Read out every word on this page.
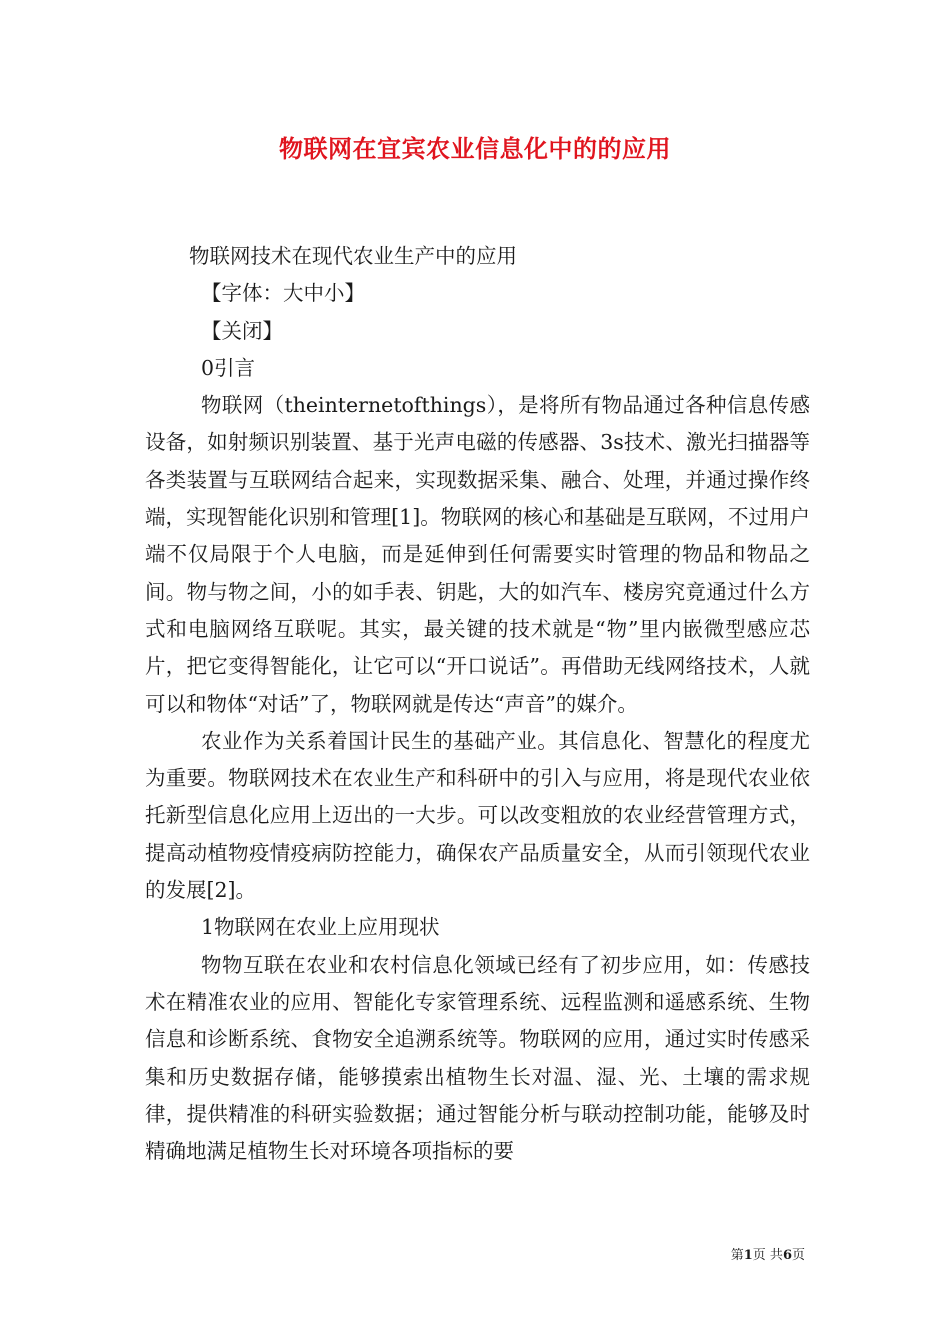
物联网在宜宾农业信息化中的的应用

物联网技术在现代农业生产中的应用

【字体：大中小】

【关闭】

0引言

物联网（theinternetofthings），是将所有物品通过各种信息传感设备，如射频识别装置、基于光声电磁的传感器、3s技术、激光扫描器等各类装置与互联网结合起来，实现数据采集、融合、处理，并通过操作终端，实现智能化识别和管理[1]。物联网的核心和基础是互联网，不过用户端不仅局限于个人电脑，而是延伸到任何需要实时管理的物品和物品之间。物与物之间，小的如手表、钥匙，大的如汽车、楼房究竟通过什么方式和电脑网络互联呢。其实，最关键的技术就是“物”里内嵌微型感应芯片，把它变得智能化，让它可以“开口说话”。再借助无线网络技术，人就可以和物体“对话”了，物联网就是传达“声音”的媒介。

农业作为关系着国计民生的基础产业。其信息化、智慧化的程度尤为重要。物联网技术在农业生产和科研中的引入与应用，将是现代农业依托新型信息化应用上迈出的一大步。可以改变粗放的农业经营管理方式，提高动植物疫情疫病防控能力，确保农产品质量安全，从而引领现代农业的发展[2]。

1物联网在农业上应用现状

物物互联在农业和农村信息化领域已经有了初步应用，如：传感技术在精准农业的应用、智能化专家管理系统、远程监测和遥感系统、生物信息和诊断系统、食物安全追溯系统等。物联网的应用，通过实时传感采集和历史数据存储，能够摸索出植物生长对温、湿、光、土壤的需求规律，提供精准的科研实验数据；通过智能分析与联动控制功能，能够及时精确地满足植物生长对环境各项指标的要

第1页 共6页
